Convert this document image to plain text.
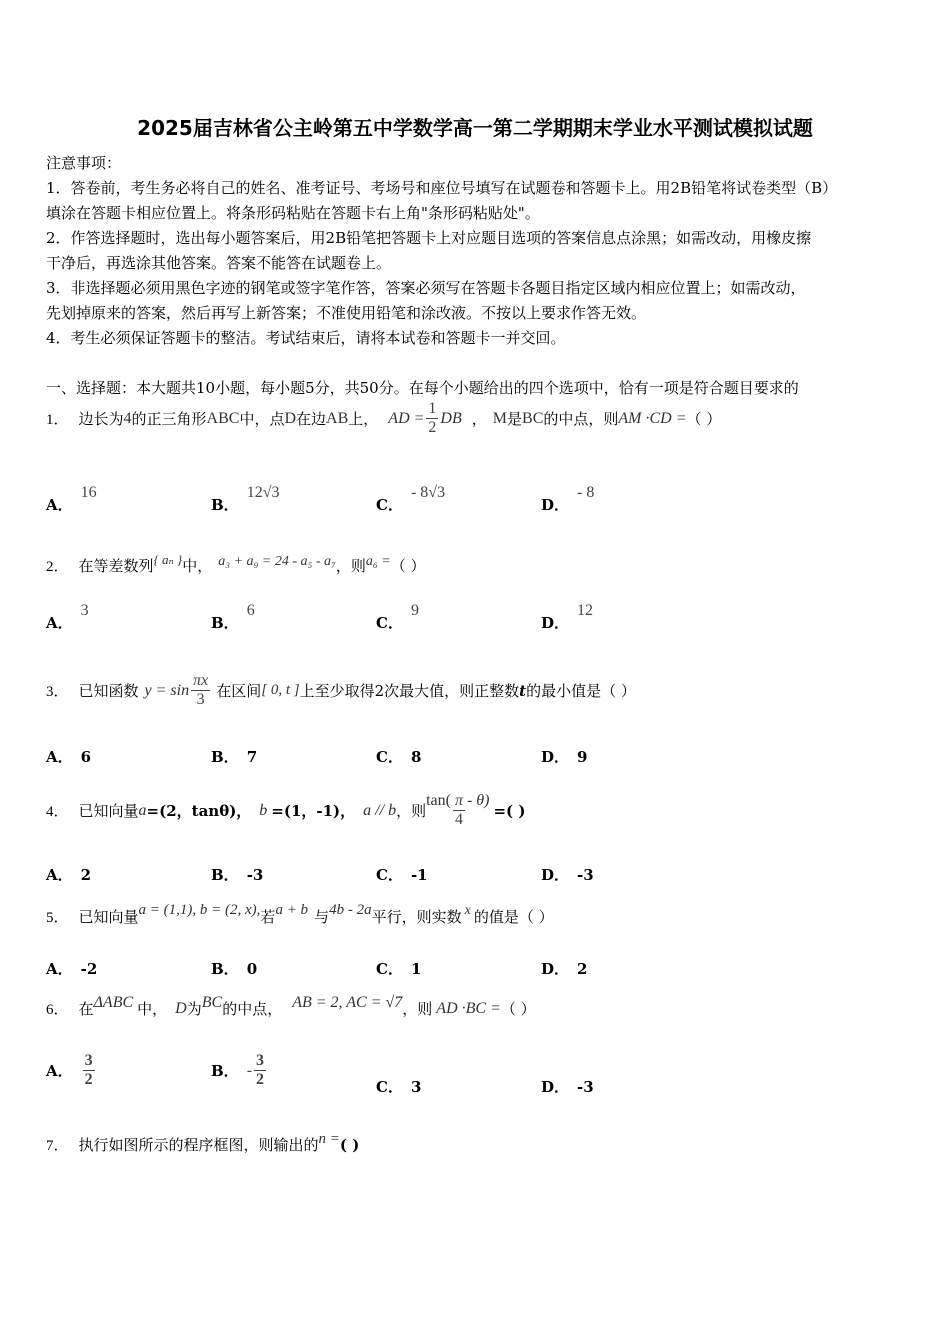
2025届吉林省公主岭第五中学数学高一第二学期期末学业水平测试模拟试题
注意事项：
1．答卷前，考生务必将自己的姓名、准考证号、考场号和座位号填写在试题卷和答题卡上。用2B铅笔将试卷类型（B）
填涂在答题卡相应位置上。将条形码粘贴在答题卡右上角"条形码粘贴处"。
2．作答选择题时，选出每小题答案后，用2B铅笔把答题卡上对应题目选项的答案信息点涂黑；如需改动，用橡皮擦
干净后，再选涂其他答案。答案不能答在试题卷上。
3．非选择题必须用黑色字迹的钢笔或签字笔作答，答案必须写在答题卡各题目指定区域内相应位置上；如需改动，
先划掉原来的答案，然后再写上新答案；不准使用铅笔和涂改液。不按以上要求作答无效。
4．考生必须保证答题卡的整洁。考试结束后，请将本试卷和答题卡一并交回。
一、选择题：本大题共10小题，每小题5分，共50分。在每个小题给出的四个选项中，恰有一项是符合题目要求的
1． 边长为 4 的正三角形 ABC 中，点 D 在边 AB 上， AD = $\frac{1}{2}$ DB ， M 是 BC 的中点，则 AM ·CD = （ ）
A．
16
B．
12√3
C．
- 8√3
D．
- 8
2． 在等差数列 { aₙ } 中， a₃ + a₉ = 24 - a₅ - a₇ ，则 a₆ = （ ）
A．
3
B．
6
C．
9
D．
12
3． 已知函数 $y = \sin \frac{\pi x}{3}$ 在区间 [ 0, t ] 上至少取得2次最大值，则正整数 t 的最小值是（ ）
A． 6	B． 7	C． 8	D． 9
4． 已知向量 a =(2，tanθ)， b =(1，-1)， a // b ，则
$\tan( \frac{\pi}{4} - \theta)$
=( )
A． 2	B． -3	C． -1	D． -3
5． 已知向量 a = (1,1), b = (2, x), 若 a + b 与 4b - 2a 平行，则实数 x 的值是（ ）
A． -2	B． 0	C． 1	D． 2
6． 在 ΔABC 中， D 为 BC 的中点， AB = 2, AC = √7 ，则 AD ·BC = （ ）
A． $\frac{3}{2}$	B． - $\frac{3}{2}$	C． 3	D． -3
7． 执行如图所示的程序框图，则输出的 n = ( )
